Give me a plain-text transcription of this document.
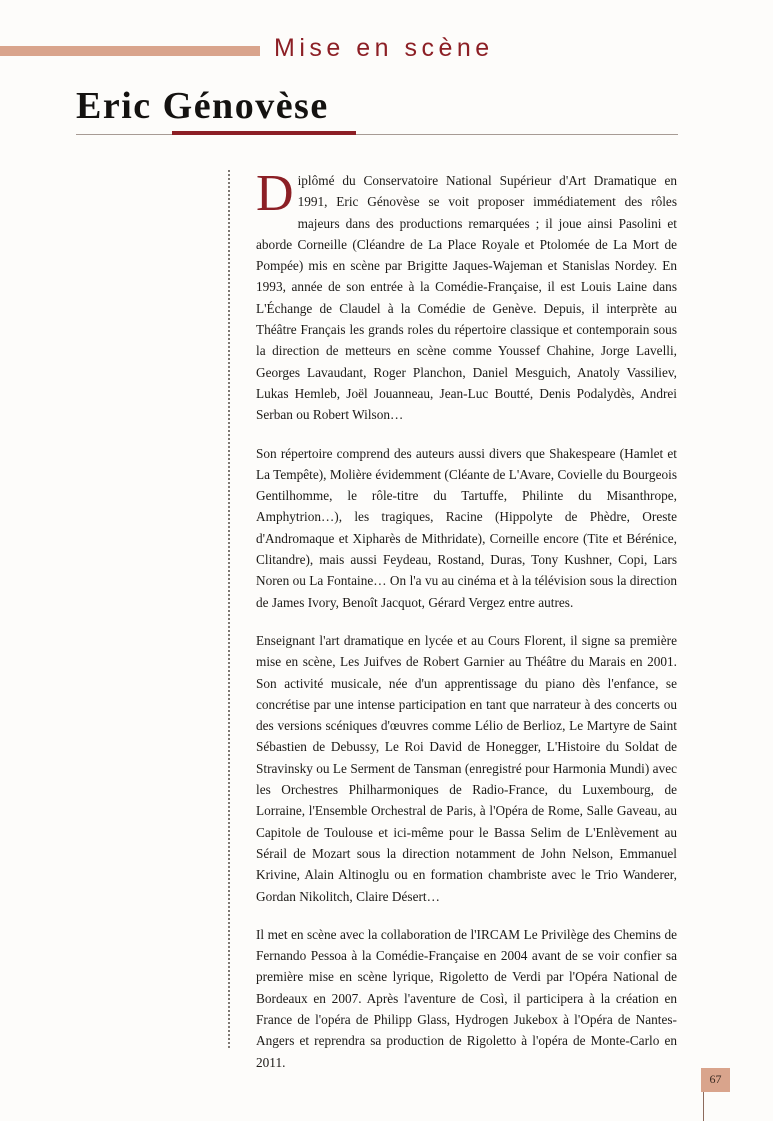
Mise en scène
Eric Génovèse

Diplômé du Conservatoire National Supérieur d'Art Dramatique en 1991, Eric Génovèse se voit proposer immédiatement des rôles majeurs dans des productions remarquées ; il joue ainsi Pasolini et aborde Corneille (Cléandre de La Place Royale et Ptolomée de La Mort de Pompée) mis en scène par Brigitte Jaques-Wajeman et Stanislas Nordey. En 1993, année de son entrée à la Comédie-Française, il est Louis Laine dans L'Échange de Claudel à la Comédie de Genève. Depuis, il interprète au Théâtre Français les grands roles du répertoire classique et contemporain sous la direction de metteurs en scène comme Youssef Chahine, Jorge Lavelli, Georges Lavaudant, Roger Planchon, Daniel Mesguich, Anatoly Vassiliev, Lukas Hemleb, Joël Jouanneau, Jean-Luc Boutté, Denis Podalydès, Andrei Serban ou Robert Wilson…

Son répertoire comprend des auteurs aussi divers que Shakespeare (Hamlet et La Tempête), Molière évidemment (Cléante de L'Avare, Covielle du Bourgeois Gentilhomme, le rôle-titre du Tartuffe, Philinte du Misanthrope, Amphytrion…), les tragiques, Racine (Hippolyte de Phèdre, Oreste d'Andromaque et Xipharès de Mithridate), Corneille encore (Tite et Bérénice, Clitandre), mais aussi Feydeau, Rostand, Duras, Tony Kushner, Copi, Lars Noren ou La Fontaine… On l'a vu au cinéma et à la télévision sous la direction de James Ivory, Benoît Jacquot, Gérard Vergez entre autres.

Enseignant l'art dramatique en lycée et au Cours Florent, il signe sa première mise en scène, Les Juifves de Robert Garnier au Théâtre du Marais en 2001. Son activité musicale, née d'un apprentissage du piano dès l'enfance, se concrétise par une intense participation en tant que narrateur à des concerts ou des versions scéniques d'œuvres comme Lélio de Berlioz, Le Martyre de Saint Sébastien de Debussy, Le Roi David de Honegger, L'Histoire du Soldat de Stravinsky ou Le Serment de Tansman (enregistré pour Harmonia Mundi) avec les Orchestres Philharmoniques de Radio-France, du Luxembourg, de Lorraine, l'Ensemble Orchestral de Paris, à l'Opéra de Rome, Salle Gaveau, au Capitole de Toulouse et ici-même pour le Bassa Selim de L'Enlèvement au Sérail de Mozart sous la direction notamment de John Nelson, Emmanuel Krivine, Alain Altinoglu ou en formation chambriste avec le Trio Wanderer, Gordan Nikolitch, Claire Désert…

Il met en scène avec la collaboration de l'IRCAM Le Privilège des Chemins de Fernando Pessoa à la Comédie-Française en 2004 avant de se voir confier sa première mise en scène lyrique, Rigoletto de Verdi par l'Opéra National de Bordeaux en 2007. Après l'aventure de Così, il participera à la création en France de l'opéra de Philipp Glass, Hydrogen Jukebox à l'Opéra de Nantes-Angers et reprendra sa production de Rigoletto à l'opéra de Monte-Carlo en 2011.

67
